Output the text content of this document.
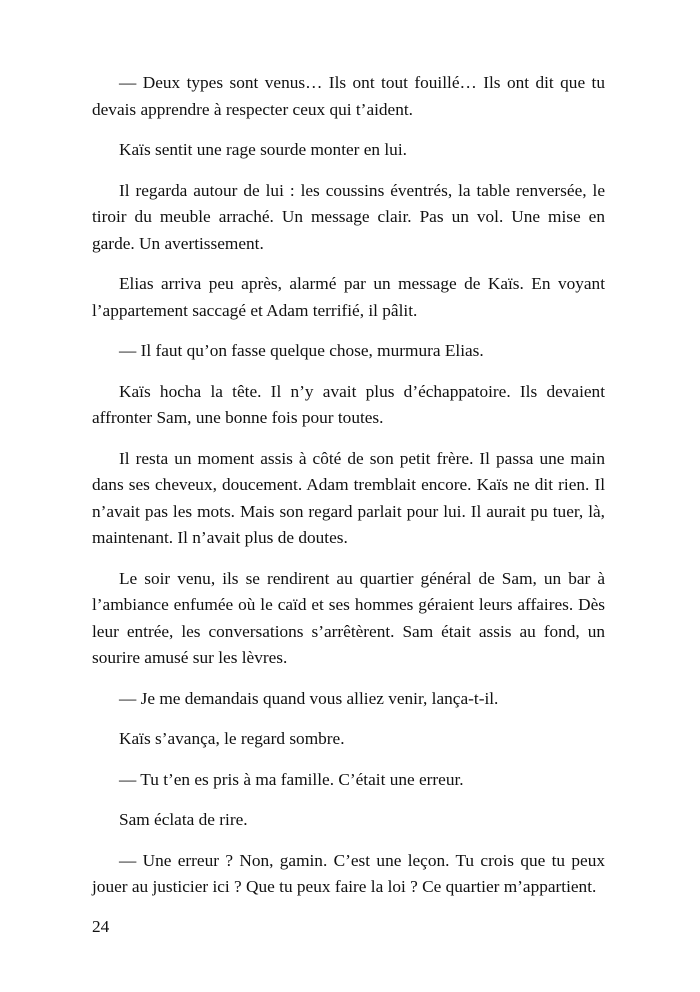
— Deux types sont venus… Ils ont tout fouillé… Ils ont dit que tu devais apprendre à respecter ceux qui t’aident.

Kaïs sentit une rage sourde monter en lui.

Il regarda autour de lui : les coussins éventrés, la table renversée, le tiroir du meuble arraché. Un message clair. Pas un vol. Une mise en garde. Un avertissement.

Elias arriva peu après, alarmé par un message de Kaïs. En voyant l’appartement saccagé et Adam terrifié, il pâlit.

— Il faut qu’on fasse quelque chose, murmura Elias.

Kaïs hocha la tête. Il n’y avait plus d’échappatoire. Ils devaient affronter Sam, une bonne fois pour toutes.

Il resta un moment assis à côté de son petit frère. Il passa une main dans ses cheveux, doucement. Adam tremblait encore. Kaïs ne dit rien. Il n’avait pas les mots. Mais son regard parlait pour lui. Il aurait pu tuer, là, maintenant. Il n’avait plus de doutes.

Le soir venu, ils se rendirent au quartier général de Sam, un bar à l’ambiance enfumée où le caïd et ses hommes géraient leurs affaires. Dès leur entrée, les conversations s’arrêtèrent. Sam était assis au fond, un sourire amusé sur les lèvres.

— Je me demandais quand vous alliez venir, lança-t-il.

Kaïs s’avança, le regard sombre.

— Tu t’en es pris à ma famille. C’était une erreur.

Sam éclata de rire.

— Une erreur ? Non, gamin. C’est une leçon. Tu crois que tu peux jouer au justicier ici ? Que tu peux faire la loi ? Ce quartier m’appartient.

24
